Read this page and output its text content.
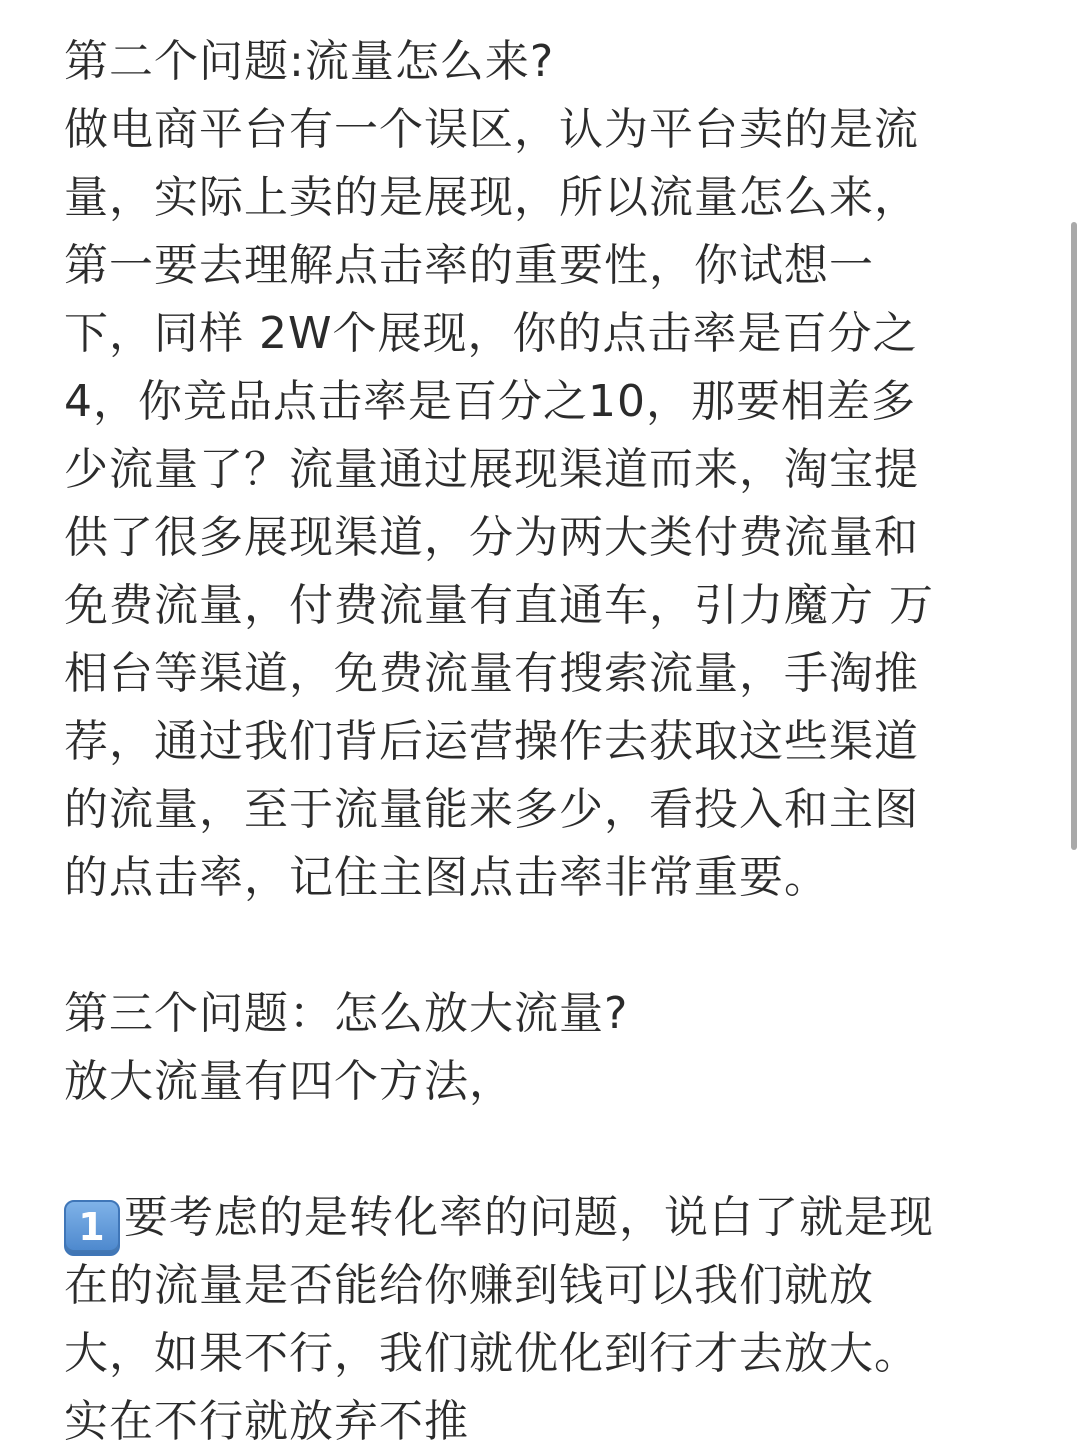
第二个问题:流量怎么来?
做电商平台有一个误区，认为平台卖的是流
量，实际上卖的是展现，所以流量怎么来，
第一要去理解点击率的重要性，你试想一
下，同样 2W个展现，你的点击率是百分之
4，你竞品点击率是百分之10，那要相差多
少流量了？流量通过展现渠道而来，淘宝提
供了很多展现渠道，分为两大类付费流量和
免费流量，付费流量有直通车，引力魔方 万
相台等渠道，免费流量有搜索流量，手淘推
荐，通过我们背后运营操作去获取这些渠道
的流量，至于流量能来多少，看投入和主图
的点击率，记住主图点击率非常重要。
第三个问题：怎么放大流量?
放大流量有四个方法，
1 要考虑的是转化率的问题，说白了就是现
在的流量是否能给你赚到钱可以我们就放
大，如果不行，我们就优化到行才去放大。
实在不行就放弃不推
